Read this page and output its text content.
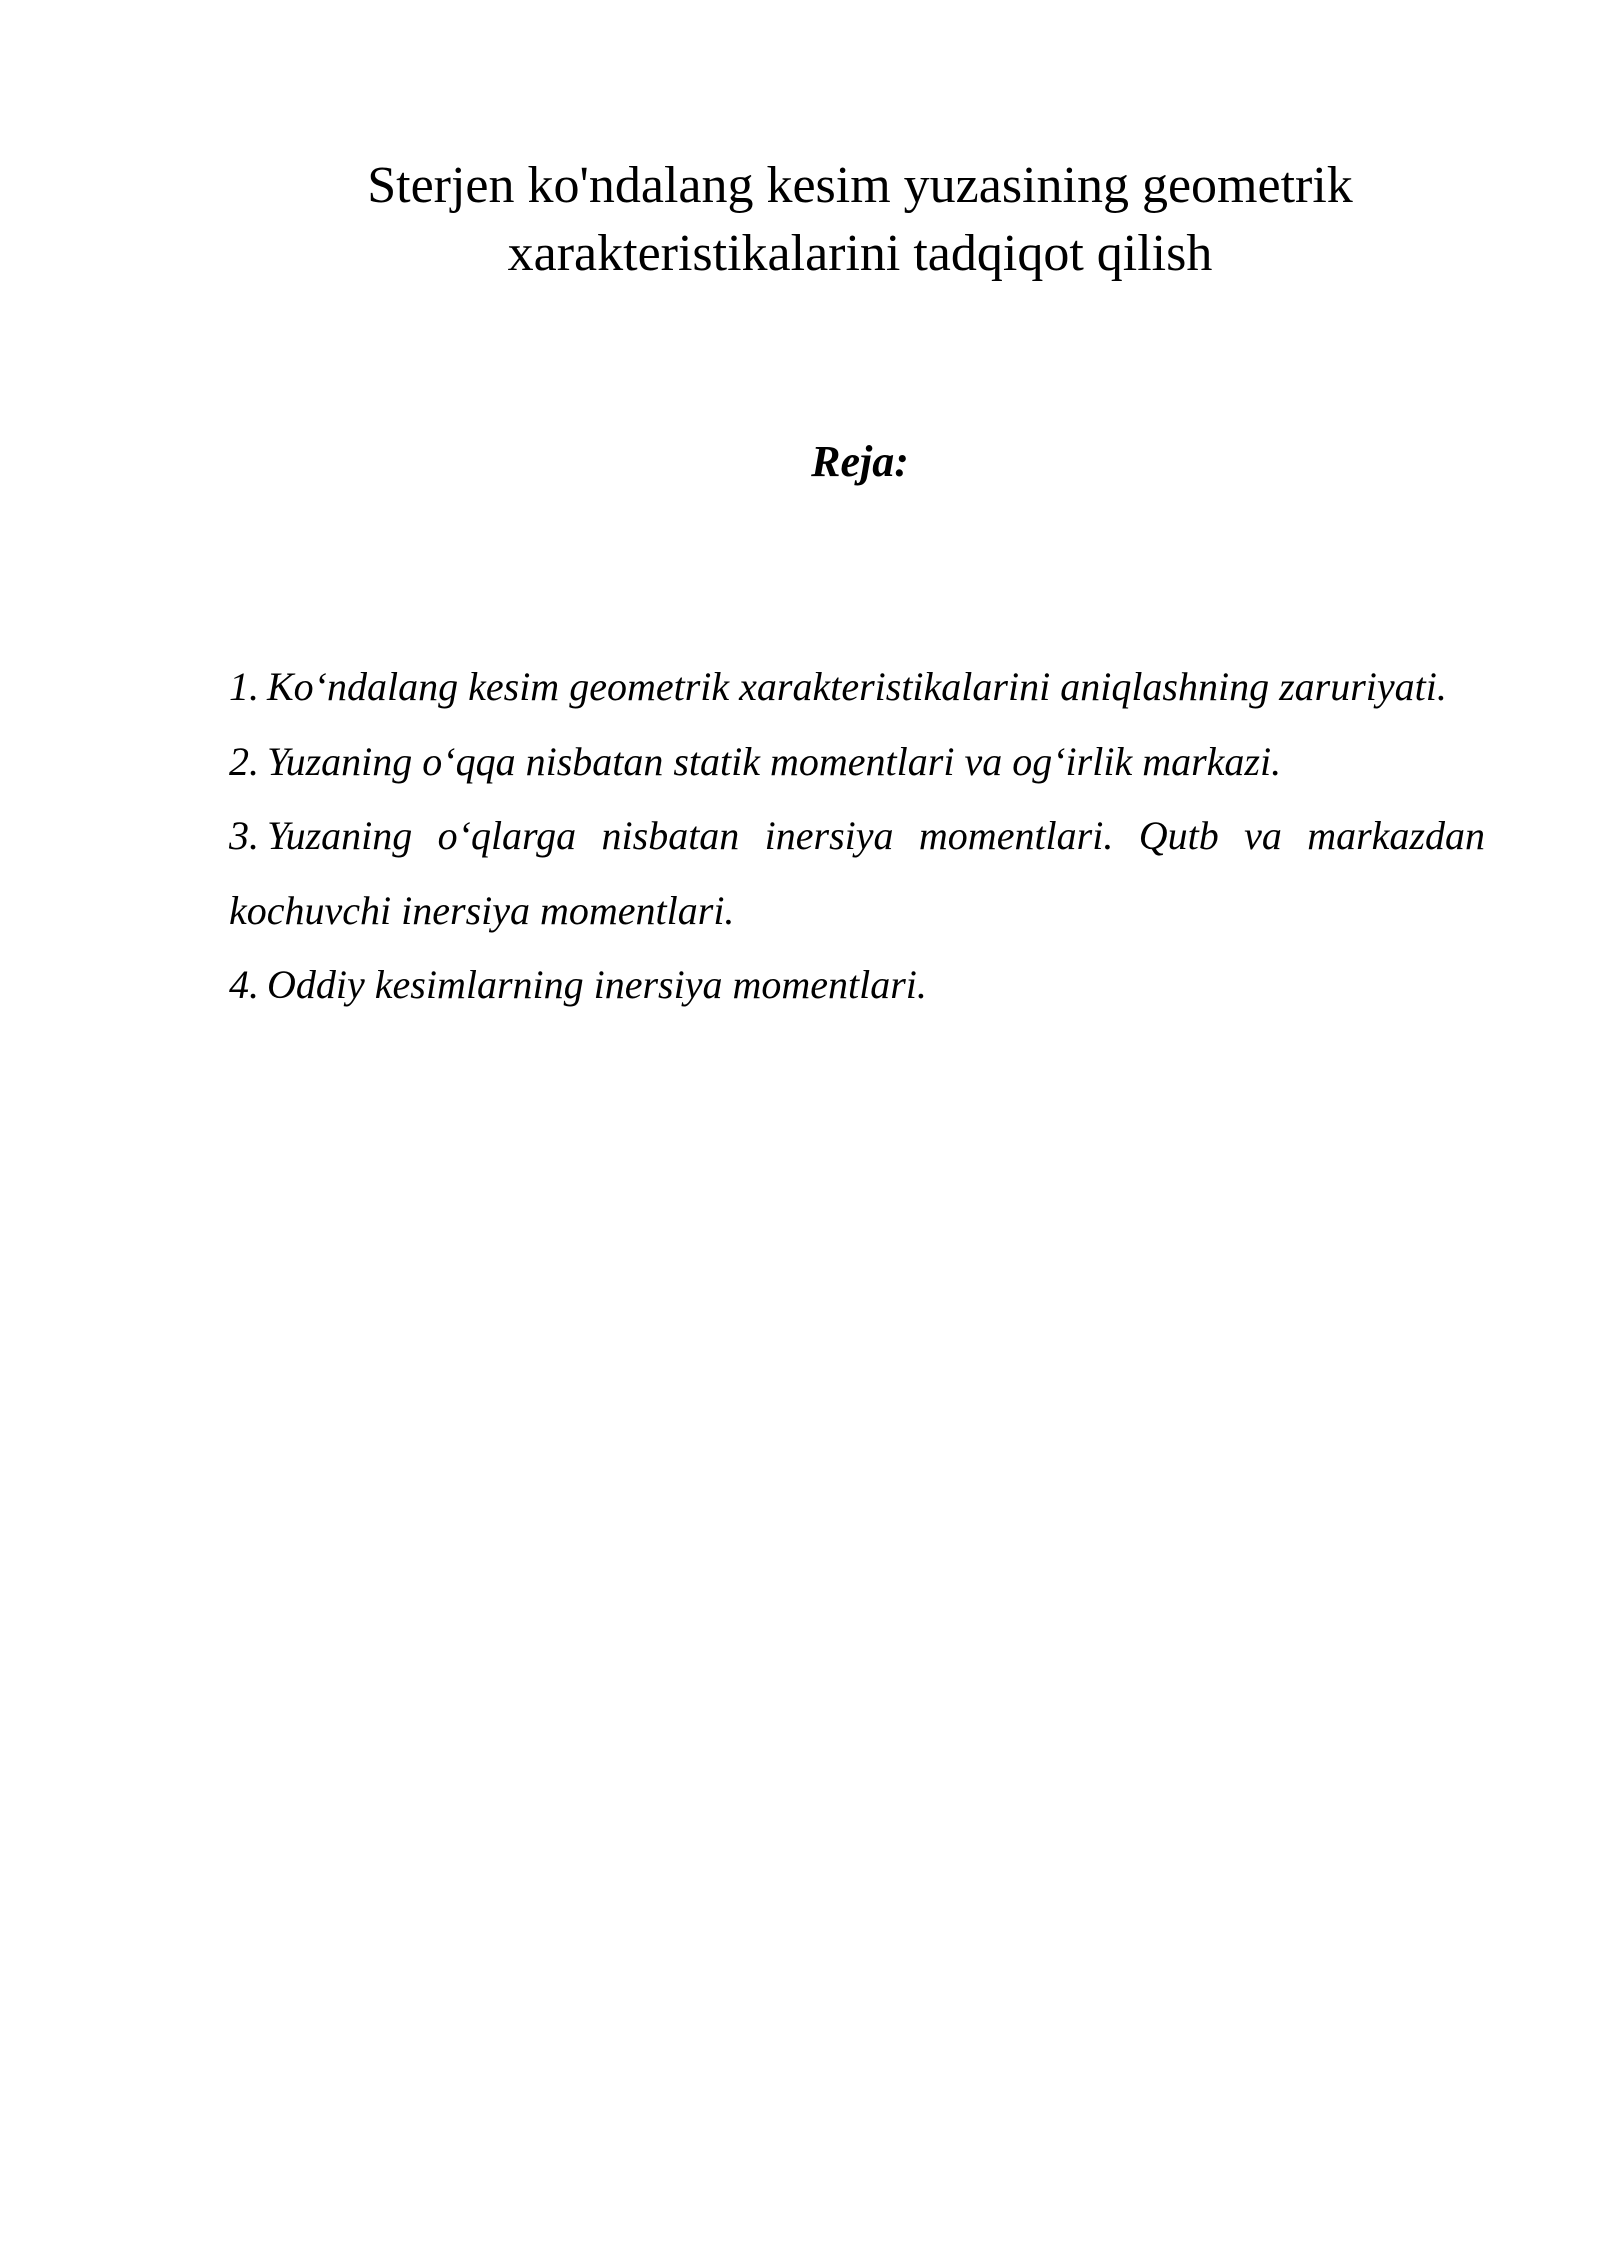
Sterjen ko'ndalang kesim yuzasining geometrik
xarakteristikalarini tadqiqot qilish

Reja:

1. Ko‘ndalang kesim geometrik xarakteristikalarini aniqlashning zaruriyati.
2. Yuzaning o‘qqa nisbatan statik momentlari va og‘irlik markazi.
3. Yuzaning o‘qlarga nisbatan inersiya momentlari. Qutb va markazdan kochuvchi inersiya momentlari.
4. Oddiy kesimlarning inersiya momentlari.
